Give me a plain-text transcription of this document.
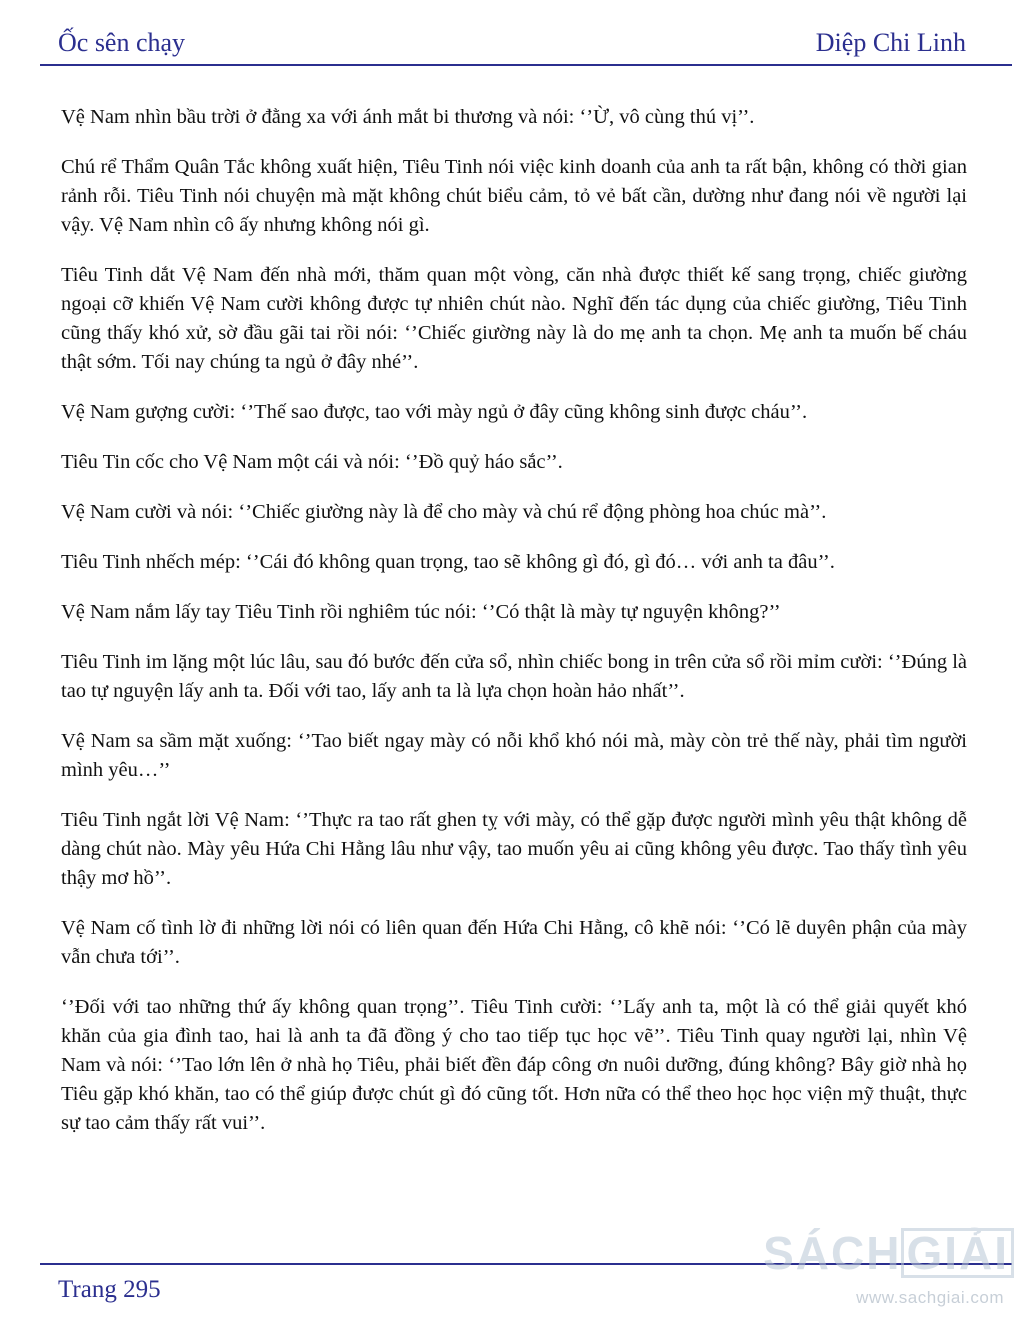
Ốc sên chạy	Diệp Chi Linh

Vệ Nam nhìn bầu trời ở đằng xa với ánh mắt bi thương và nói: ‘’Ừ, vô cùng thú vị’’.

Chú rể Thẩm Quân Tắc không xuất hiện, Tiêu Tinh nói việc kinh doanh của anh ta rất bận, không có thời gian rảnh rỗi. Tiêu Tinh nói chuyện mà mặt không chút biểu cảm, tỏ vẻ bất cần, dường như đang nói về người lại vậy. Vệ Nam nhìn cô ấy nhưng không nói gì.

Tiêu Tinh dắt Vệ Nam đến nhà mới, thăm quan một vòng, căn nhà được thiết kế sang trọng, chiếc giường ngoại cỡ khiến Vệ Nam cười không được tự nhiên chút nào. Nghĩ đến tác dụng của chiếc giường, Tiêu Tinh cũng thấy khó xử, sờ đầu gãi tai rồi nói: ‘’Chiếc giường này là do mẹ anh ta chọn. Mẹ anh ta muốn bế cháu thật sớm. Tối nay chúng ta ngủ ở đây nhé’’.

Vệ Nam gượng cười: ‘’Thế sao được, tao với mày ngủ ở đây cũng không sinh được cháu’’.

Tiêu Tin cốc cho Vệ Nam một cái và nói: ‘’Đồ quỷ háo sắc’’.

Vệ Nam cười và nói: ‘’Chiếc giường này là để cho mày và chú rể động phòng hoa chúc mà’’.

Tiêu Tinh nhếch mép: ‘’Cái đó không quan trọng, tao sẽ không gì đó, gì đó… với anh ta đâu’’.

Vệ Nam nắm lấy tay Tiêu Tinh rồi nghiêm túc nói: ‘’Có thật là mày tự nguyện không?’’

Tiêu Tinh im lặng một lúc lâu, sau đó bước đến cửa sổ, nhìn chiếc bong in trên cửa sổ rồi mỉm cười: ‘’Đúng là tao tự nguyện lấy anh ta. Đối với tao, lấy anh ta là lựa chọn hoàn hảo nhất’’.

Vệ Nam sa sầm mặt xuống: ‘’Tao biết ngay mày có nỗi khổ khó nói mà, mày còn trẻ thế này, phải tìm người mình yêu…’’

Tiêu Tinh ngắt lời Vệ Nam: ‘’Thực ra tao rất ghen tỵ với mày, có thể gặp được người mình yêu thật không dễ dàng chút nào. Mày yêu Hứa Chi Hằng lâu như vậy, tao muốn yêu ai cũng không yêu được. Tao thấy tình yêu thậy mơ hồ’’.

Vệ Nam cố tình lờ đi những lời nói có liên quan đến Hứa Chi Hằng, cô khẽ nói: ‘’Có lẽ duyên phận của mày vẫn chưa tới’’.

‘’Đối với tao những thứ ấy không quan trọng’’. Tiêu Tinh cười: ‘’Lấy anh ta, một là có thể giải quyết khó khăn của gia đình tao, hai là anh ta đã đồng ý cho tao tiếp tục học vẽ’’. Tiêu Tinh quay người lại, nhìn Vệ Nam và nói: ‘’Tao lớn lên ở nhà họ Tiêu, phải biết đền đáp công ơn nuôi dưỡng, đúng không? Bây giờ nhà họ Tiêu gặp khó khăn, tao có thể giúp được chút gì đó cũng tốt. Hơn nữa có thể theo học học viện mỹ thuật, thực sự tao cảm thấy rất vui’’.

Trang 295
SÁCH GIẢI
www.sachgiai.com
